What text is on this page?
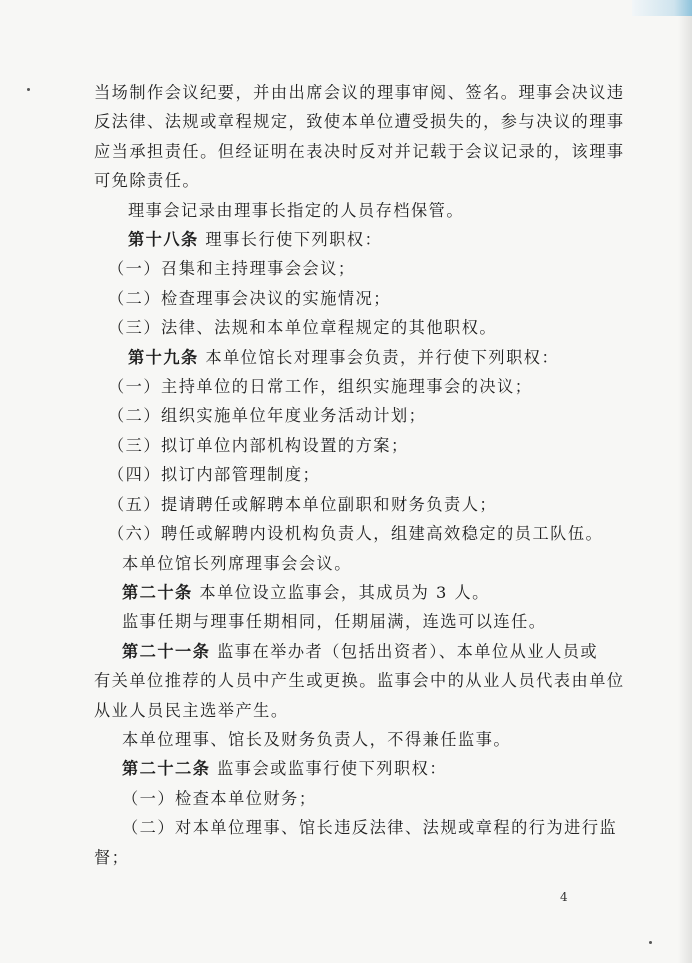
当场制作会议纪要，并由出席会议的理事审阅、签名。理事会决议违
反法律、法规或章程规定，致使本单位遭受损失的，参与决议的理事
应当承担责任。但经证明在表决时反对并记载于会议记录的，该理事
可免除责任。
理事会记录由理事长指定的人员存档保管。
第十八条 理事长行使下列职权：
（一）召集和主持理事会会议；
（二）检查理事会决议的实施情况；
（三）法律、法规和本单位章程规定的其他职权。
第十九条 本单位馆长对理事会负责，并行使下列职权：
（一）主持单位的日常工作，组织实施理事会的决议；
（二）组织实施单位年度业务活动计划；
（三）拟订单位内部机构设置的方案；
（四）拟订内部管理制度；
（五）提请聘任或解聘本单位副职和财务负责人；
（六）聘任或解聘内设机构负责人，组建高效稳定的员工队伍。
本单位馆长列席理事会会议。
第二十条 本单位设立监事会，其成员为 3 人。
监事任期与理事任期相同，任期届满，连选可以连任。
第二十一条 监事在举办者（包括出资者）、本单位从业人员或
有关单位推荐的人员中产生或更换。监事会中的从业人员代表由单位
从业人员民主选举产生。
本单位理事、馆长及财务负责人，不得兼任监事。
第二十二条 监事会或监事行使下列职权：
（一）检查本单位财务；
（二）对本单位理事、馆长违反法律、法规或章程的行为进行监
督；
4
